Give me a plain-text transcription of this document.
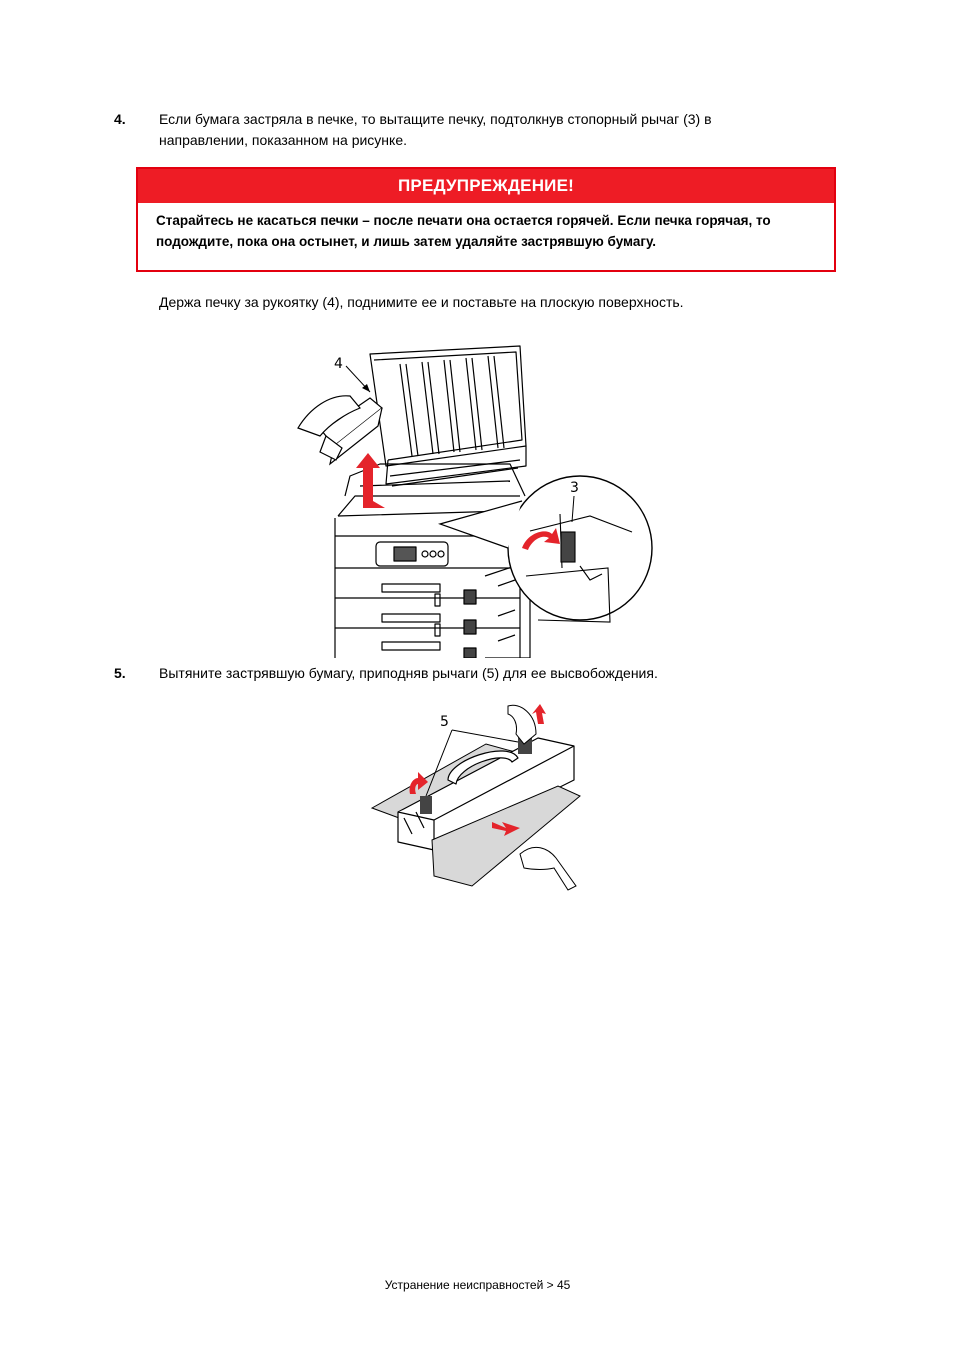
4. Если бумага застряла в печке, то вытащите печку, подтолкнув стопорный рычаг (3) в направлении, показанном на рисунке.
ПРЕДУПРЕЖДЕНИЕ!
Старайтесь не касаться печки – после печати она остается горячей. Если печка горячая, то подождите, пока она остынет, и лишь затем удаляйте застрявшую бумагу.
Держа печку за рукоятку (4), поднимите ее и поставьте на плоскую поверхность.
4
3
5. Вытяните застрявшую бумагу, приподняв рычаги (5) для ее высвобождения.
5
Устранение неисправностей > 45
